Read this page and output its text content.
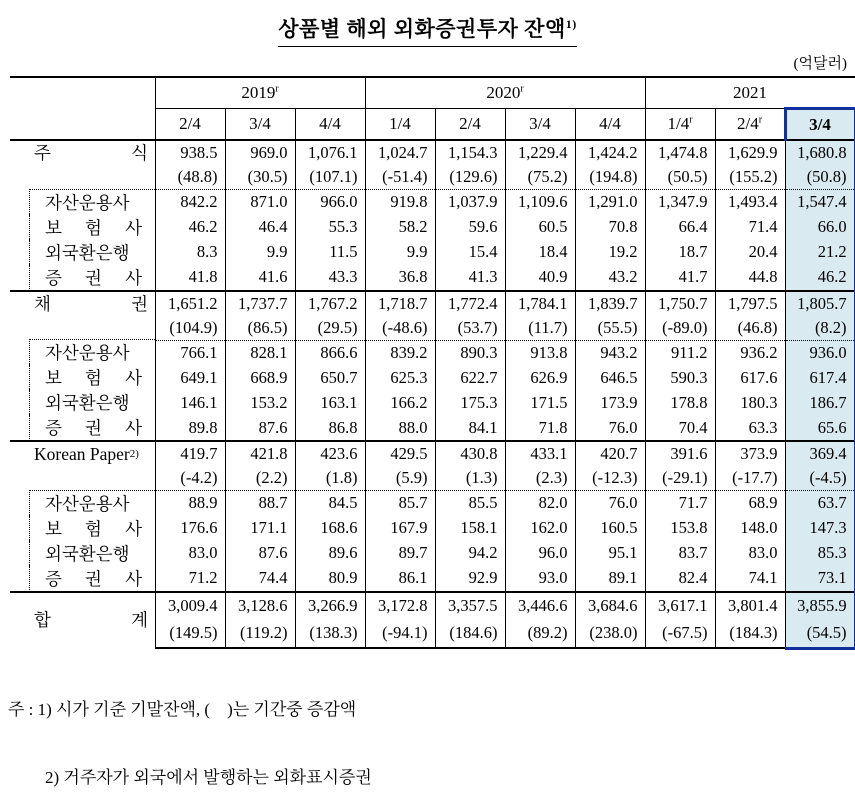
상품별 해외 외화증권투자 잔액$^{1)}$
(억달러)
	2019$^r$			2020$^r$				2021		
	2/4	3/4	4/4	1/4	2/4	3/4	4/4	1/4$^r$	2/4$^r$	3/4

주 식	938.5	969.0	1,076.1	1,024.7	1,154.3	1,229.4	1,424.2	1,474.8	1,629.9	1,680.8
	(48.8)	(30.5)	(107.1)	(-51.4)	(129.6)	(75.2)	(194.8)	(50.5)	(155.2)	(50.8)

자산운용사	842.2	871.0	966.0	919.8	1,037.9	1,109.6	1,291.0	1,347.9	1,493.4	1,547.4

보 험 사	46.2	46.4	55.3	58.2	59.6	60.5	70.8	66.4	71.4	66.0

외국환은행	8.3	9.9	11.5	9.9	15.4	18.4	19.2	18.7	20.4	21.2

증 권 사	41.8	41.6	43.3	36.8	41.3	40.9	43.2	41.7	44.8	46.2

채 권	1,651.2	1,737.7	1,767.2	1,718.7	1,772.4	1,784.1	1,839.7	1,750.7	1,797.5	1,805.7
	(104.9)	(86.5)	(29.5)	(-48.6)	(53.7)	(11.7)	(55.5)	(-89.0)	(46.8)	(8.2)

자산운용사	766.1	828.1	866.6	839.2	890.3	913.8	943.2	911.2	936.2	936.0

보 험 사	649.1	668.9	650.7	625.3	622.7	626.9	646.5	590.3	617.6	617.4

외국환은행	146.1	153.2	163.1	166.2	175.3	171.5	173.9	178.8	180.3	186.7

증 권 사	89.8	87.6	86.8	88.0	84.1	71.8	76.0	70.4	63.3	65.6

Korean Paper 2)	419.7	421.8	423.6	429.5	430.8	433.1	420.7	391.6	373.9	369.4
	(-4.2)	(2.2)	(1.8)	(5.9)	(1.3)	(2.3)	(-12.3)	(-29.1)	(-17.7)	(-4.5)

자산운용사	88.9	88.7	84.5	85.7	85.5	82.0	76.0	71.7	68.9	63.7

보 험 사	176.6	171.1	168.6	167.9	158.1	162.0	160.5	153.8	148.0	147.3

외국환은행	83.0	87.6	89.6	89.7	94.2	96.0	95.1	83.7	83.0	85.3

증 권 사	71.2	74.4	80.9	86.1	92.9	93.0	89.1	82.4	74.1	73.1

합 계	3,009.4	3,128.6	3,266.9	3,172.8	3,357.5	3,446.6	3,684.6	3,617.1	3,801.4	3,855.9
	(149.5)	(119.2)	(138.3)	(-94.1)	(184.6)	(89.2)	(238.0)	(-67.5)	(184.3)	(54.5)

주 : 1) 시가 기준 기말잔액, (    )는 기간중 증감액

2) 거주자가 외국에서 발행하는 외화표시증권
